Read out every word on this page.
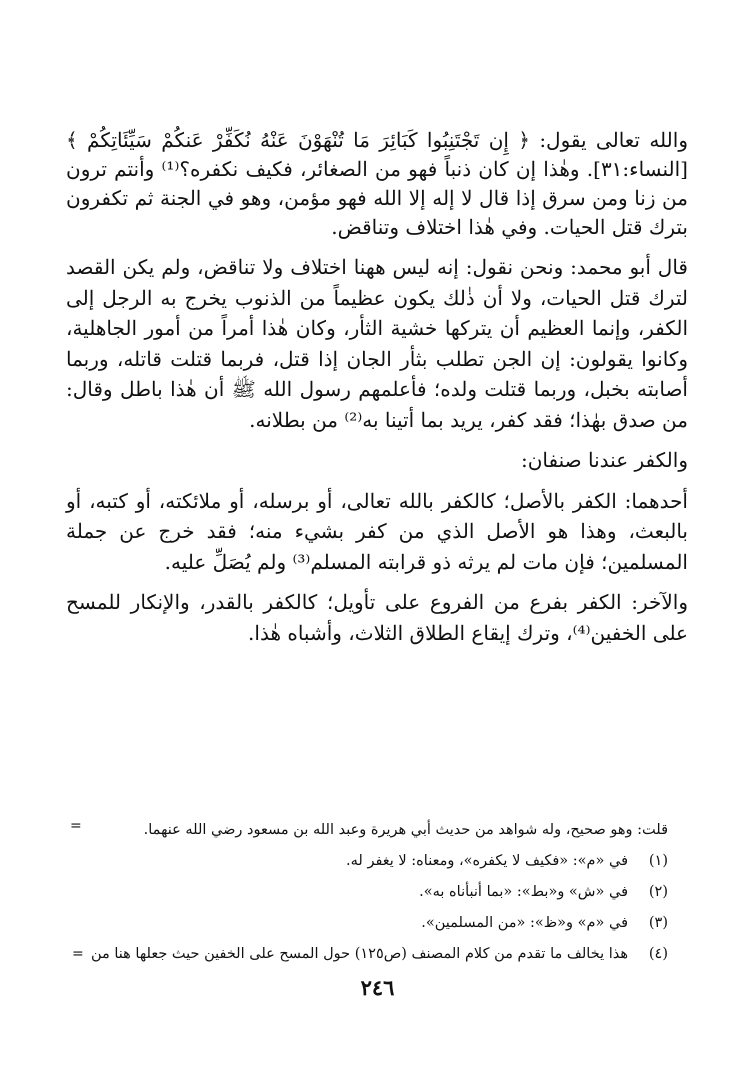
والله تعالى يقول: ﴿ إِن تَجْتَنِبُوا كَبَائِرَ مَا تُنْهَوْنَ عَنْهُ نُكَفِّرْ عَنكُمْ سَيِّئَاتِكُمْ ﴾ [النساء:٣١]. وهٰذا إن كان ذنباً فهو من الصغائر، فكيف نكفره؟⁽¹⁾ وأنتم ترون من زنا ومن سرق إذا قال لا إله إلا الله فهو مؤمن، وهو في الجنة ثم تكفرون بترك قتل الحيات. وفي هٰذا اختلاف وتناقض.

قال أبو محمد: ونحن نقول: إنه ليس ههنا اختلاف ولا تناقض، ولم يكن القصد لترك قتل الحيات، ولا أن ذٰلك يكون عظيماً من الذنوب يخرج به الرجل إلى الكفر، وإنما العظيم أن يتركها خشية الثأر، وكان هٰذا أمراً من أمور الجاهلية، وكانوا يقولون: إن الجن تطلب بثأر الجان إذا قتل، فربما قتلت قاتله، وربما أصابته بخبل، وربما قتلت ولده؛ فأعلمهم رسول الله ﷺ أن هٰذا باطل وقال: من صدق بهٰذا؛ فقد كفر، يريد بما أتينا به⁽²⁾ من بطلانه.

والكفر عندنا صنفان:

أحدهما: الكفر بالأصل؛ كالكفر بالله تعالى، أو برسله، أو ملائكته، أو كتبه، أو بالبعث، وهذا هو الأصل الذي من كفر بشيء منه؛ فقد خرج عن جملة المسلمين؛ فإن مات لم يرثه ذو قرابته المسلم⁽³⁾ ولم يُصَلِّ عليه.

والآخر: الكفر بفرع من الفروع على تأويل؛ كالكفر بالقدر، والإنكار للمسح على الخفين⁽⁴⁾، وترك إيقاع الطلاق الثلاث، وأشباه هٰذا.

=	قلت: وهو صحيح، وله شواهد من حديث أبي هريرة وعبد الله بن مسعود رضي الله عنهما.
(١)
في «م»: «فكيف لا يكفره»، ومعناه: لا يغفر له.
(٢)
في «ش» و«بط»: «بما أنبأناه به».
(٣)
في «م» و«ظ»: «من المسلمين».
(٤)
هذا يخالف ما تقدم من كلام المصنف (ص١٢٥) حول المسح على الخفين حيث جعلها هنا من
=
٢٤٦
